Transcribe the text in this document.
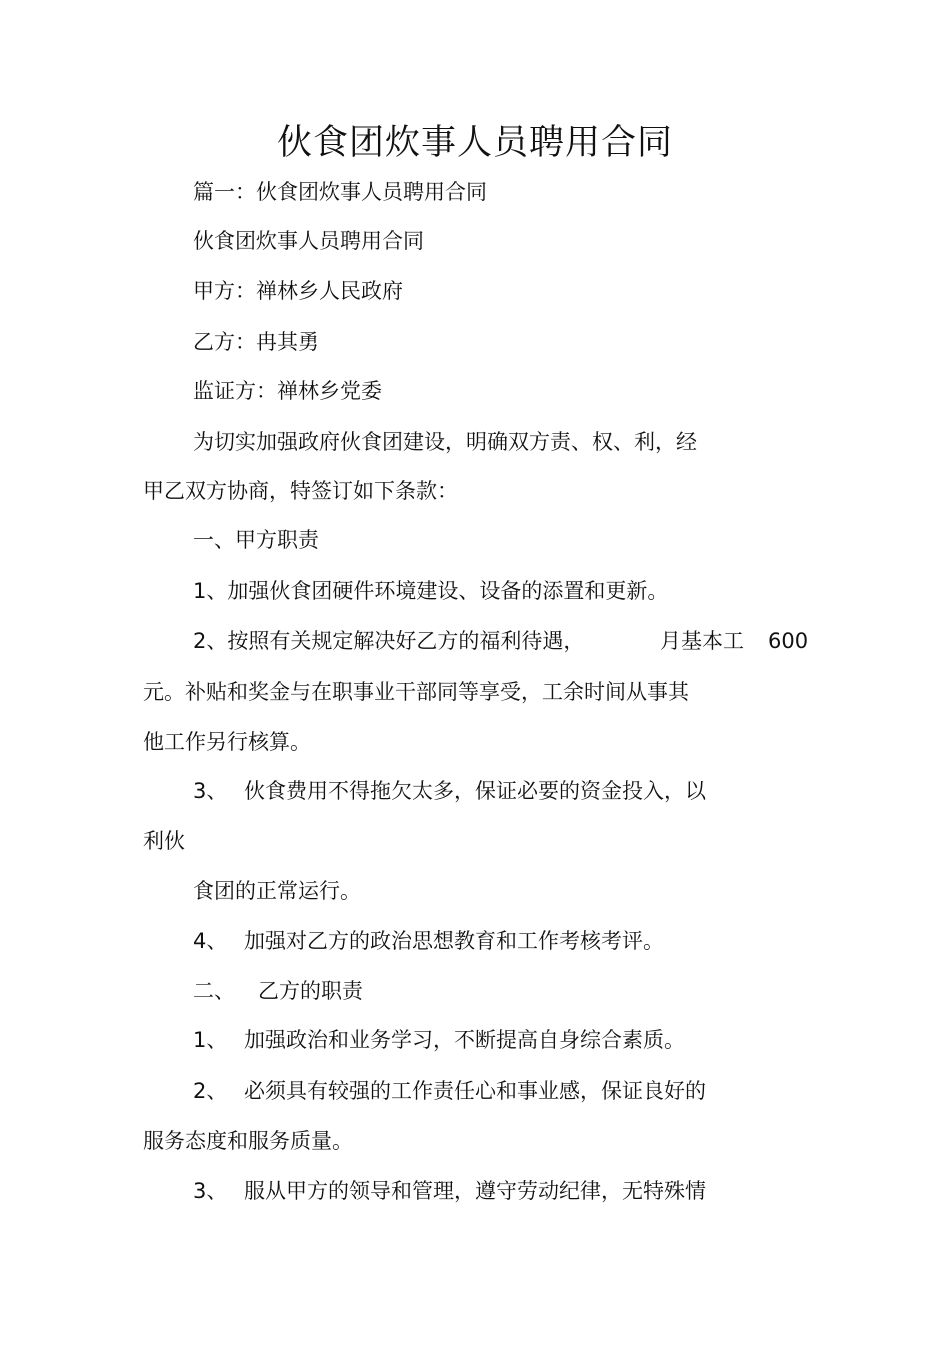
伙食团炊事人员聘用合同
篇一：伙食团炊事人员聘用合同
伙食团炊事人员聘用合同
甲方：禅林乡人民政府
乙方：冉其勇
监证方：禅林乡党委
为切实加强政府伙食团建设，明确双方责、权、利，经
甲乙双方协商，特签订如下条款：
一、甲方职责
1、加强伙食团硬件环境建设、设备的添置和更新。
2、按照有关规定解决好乙方的福利待遇，	月基本工 600
元。补贴和奖金与在职事业干部同等享受，工余时间从事其
他工作另行核算。
3、 伙食费用不得拖欠太多，保证必要的资金投入，以
利伙
食团的正常运行。
4、 加强对乙方的政治思想教育和工作考核考评。
二、 乙方的职责
1、 加强政治和业务学习，不断提高自身综合素质。
2、 必须具有较强的工作责任心和事业感，保证良好的
服务态度和服务质量。
3、 服从甲方的领导和管理，遵守劳动纪律，无特殊情
